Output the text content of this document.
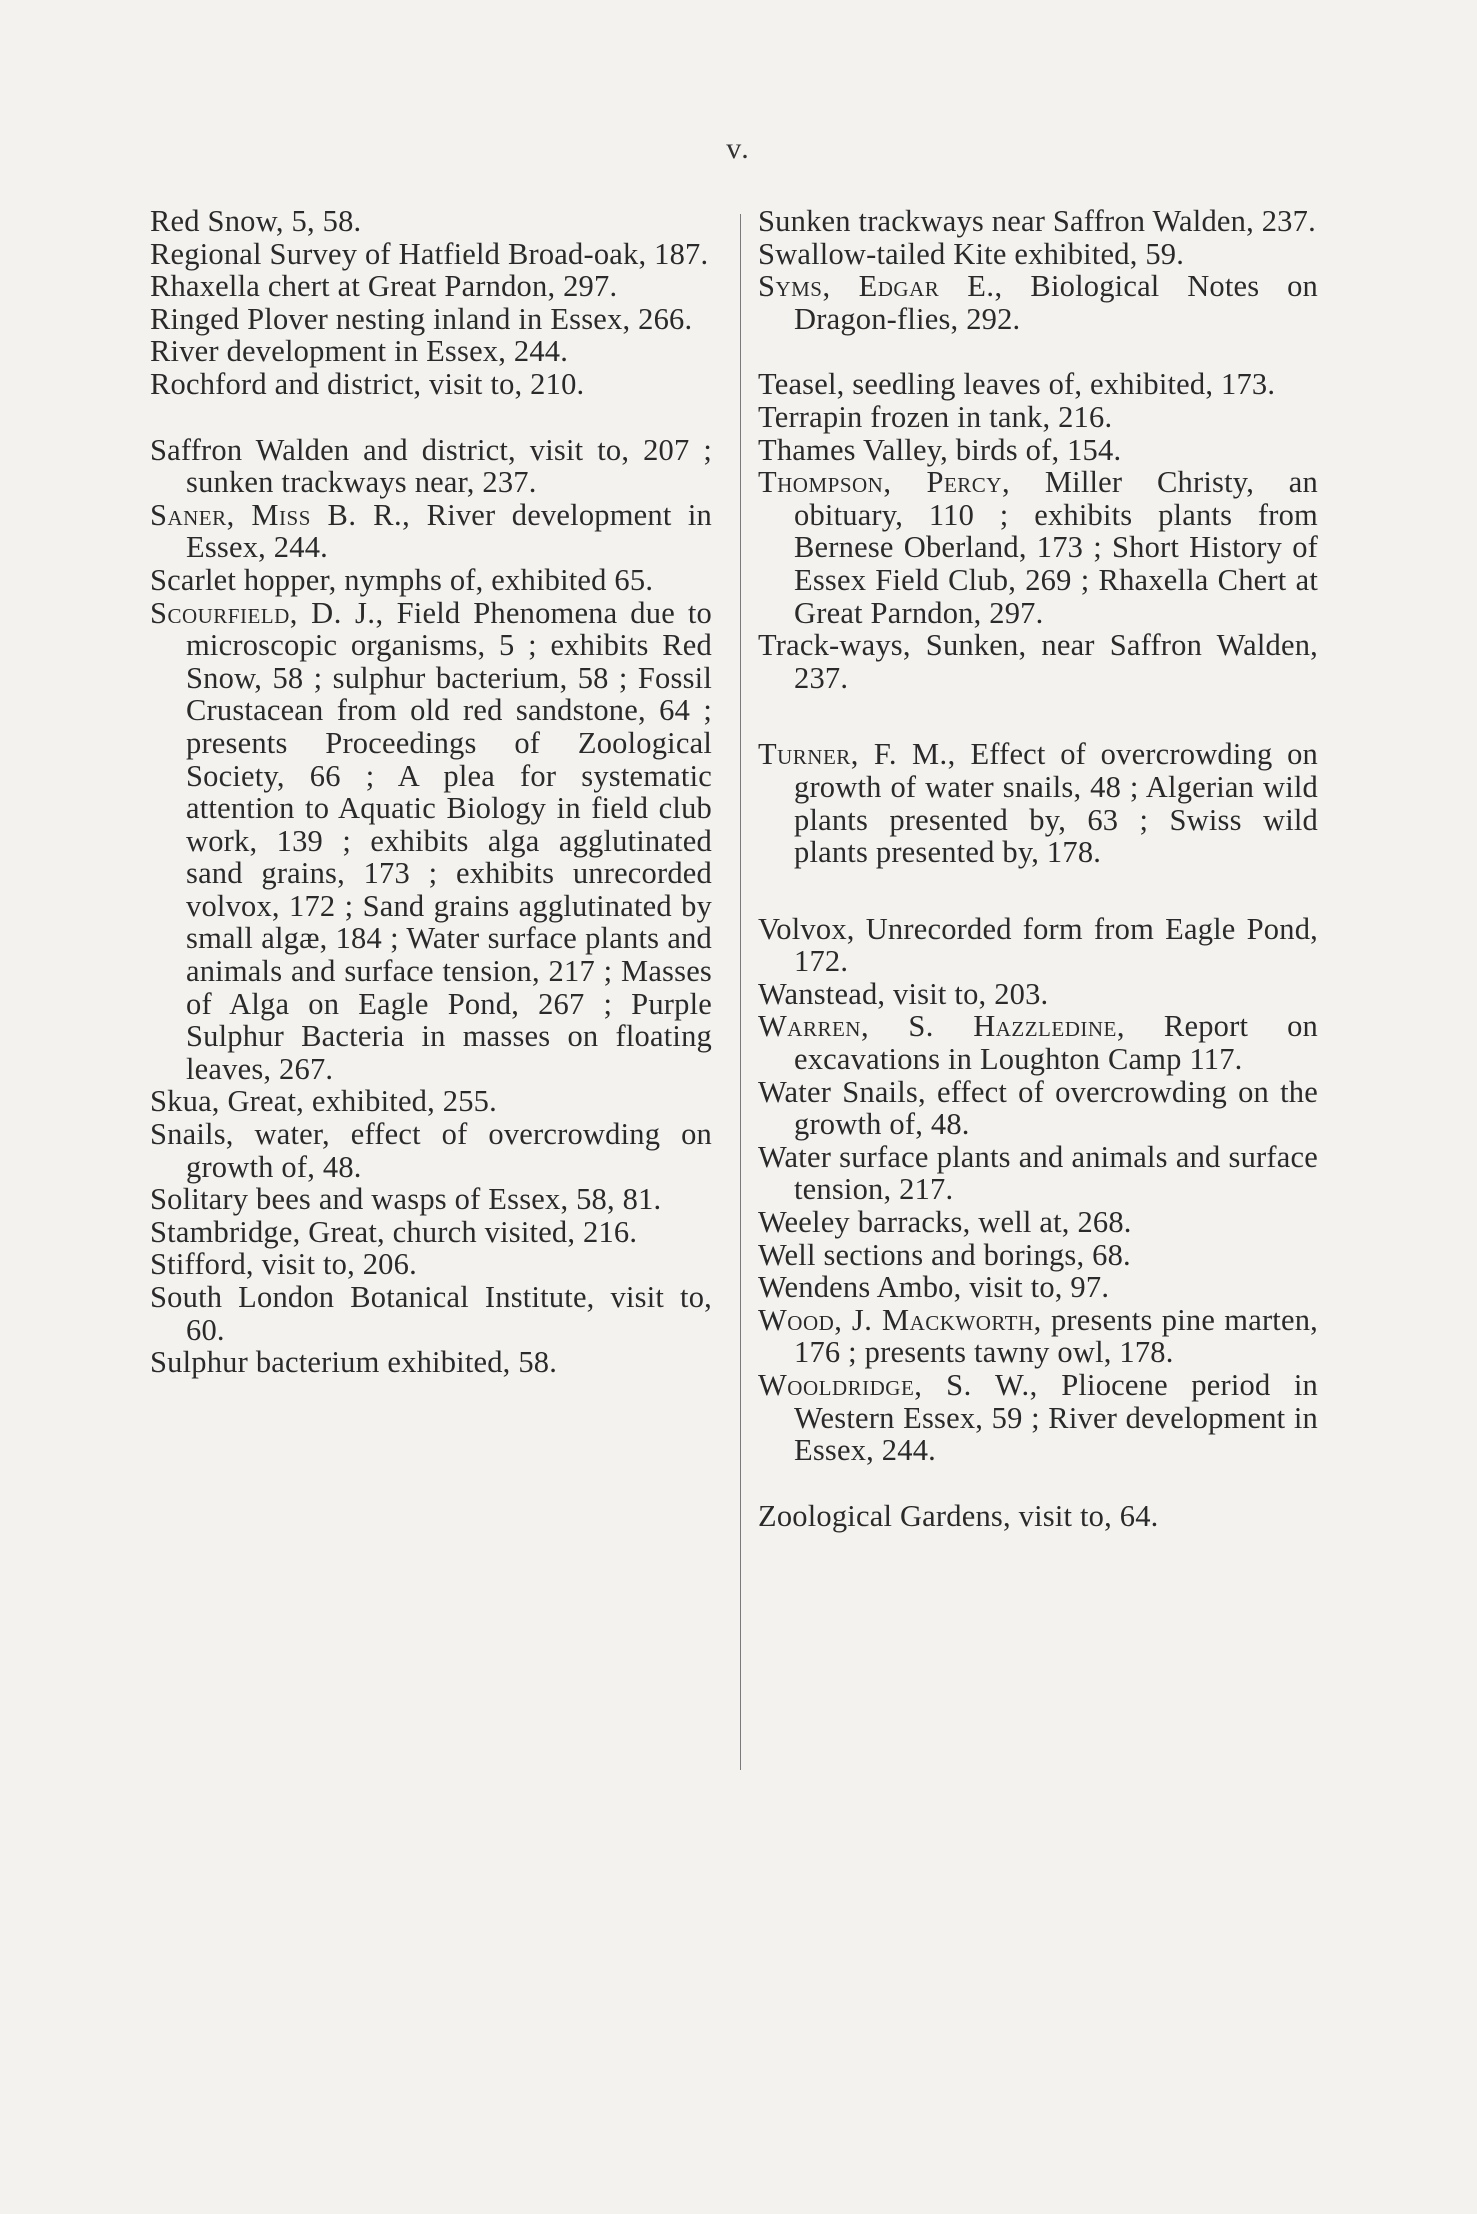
v.

Red Snow, 5, 58.

Regional Survey of Hatfield Broad-oak, 187.

Rhaxella chert at Great Parndon, 297.

Ringed Plover nesting inland in Essex, 266.

River development in Essex, 244.

Rochford and district, visit to, 210.

Saffron Walden and district, visit to, 207 ; sunken trackways near, 237.

Saner, Miss B. R., River development in Essex, 244.

Scarlet hopper, nymphs of, exhibited 65.

Scourfield, D. J., Field Phenomena due to microscopic organisms, 5 ; exhibits Red Snow, 58 ; sulphur bacterium, 58 ; Fossil Crustacean from old red sandstone, 64 ; presents Proceedings of Zoological Society, 66 ; A plea for systematic attention to Aquatic Biology in field club work, 139 ; exhibits alga agglutinated sand grains, 173 ; exhibits unrecorded volvox, 172 ; Sand grains agglutinated by small algæ, 184 ; Water surface plants and animals and surface tension, 217 ; Masses of Alga on Eagle Pond, 267 ; Purple Sulphur Bacteria in masses on floating leaves, 267.

Skua, Great, exhibited, 255.

Snails, water, effect of overcrowding on growth of, 48.

Solitary bees and wasps of Essex, 58, 81.

Stambridge, Great, church visited, 216.

Stifford, visit to, 206.

South London Botanical Institute, visit to, 60.

Sulphur bacterium exhibited, 58.

Sunken trackways near Saffron Walden, 237.

Swallow-tailed Kite exhibited, 59.

Syms, Edgar E., Biological Notes on Dragon-flies, 292.

Teasel, seedling leaves of, exhibited, 173.

Terrapin frozen in tank, 216.

Thames Valley, birds of, 154.

Thompson, Percy, Miller Christy, an obituary, 110 ; exhibits plants from Bernese Oberland, 173 ; Short History of Essex Field Club, 269 ; Rhaxella Chert at Great Parndon, 297.

Track-ways, Sunken, near Saffron Walden, 237.

Turner, F. M., Effect of overcrowding on growth of water snails, 48 ; Algerian wild plants presented by, 63 ; Swiss wild plants presented by, 178.

Volvox, Unrecorded form from Eagle Pond, 172.

Wanstead, visit to, 203.

Warren, S. Hazzledine, Report on excavations in Loughton Camp 117.

Water Snails, effect of overcrowding on the growth of, 48.

Water surface plants and animals and surface tension, 217.

Weeley barracks, well at, 268.

Well sections and borings, 68.

Wendens Ambo, visit to, 97.

Wood, J. Mackworth, presents pine marten, 176 ; presents tawny owl, 178.

Wooldridge, S. W., Pliocene period in Western Essex, 59 ; River development in Essex, 244.

Zoological Gardens, visit to, 64.
